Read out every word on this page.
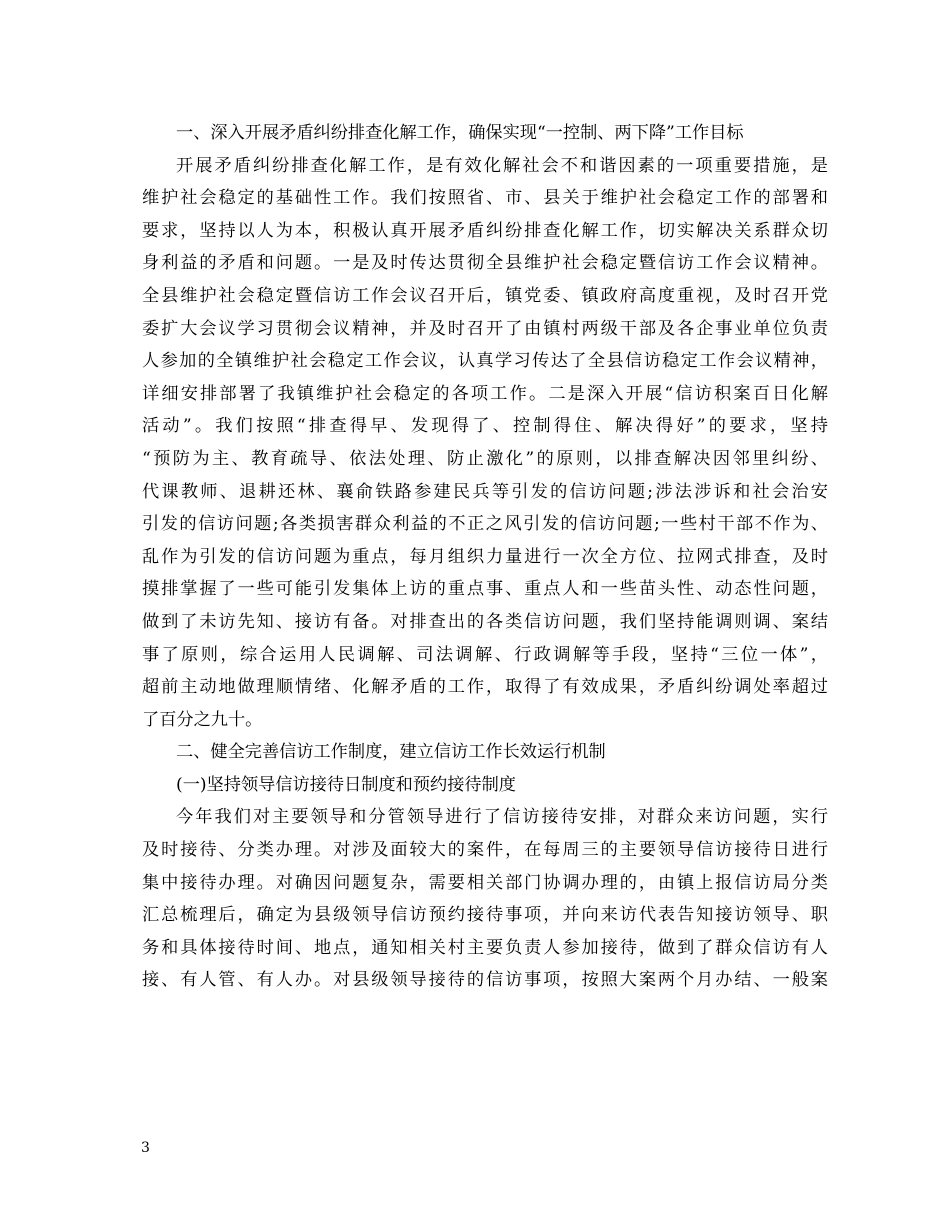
一、深入开展矛盾纠纷排查化解工作，确保实现“一控制、两下降”工作目标
开展矛盾纠纷排查化解工作，是有效化解社会不和谐因素的一项重要措施，是
维护社会稳定的基础性工作。我们按照省、市、县关于维护社会稳定工作的部署和
要求，坚持以人为本，积极认真开展矛盾纠纷排查化解工作，切实解决关系群众切
身利益的矛盾和问题。一是及时传达贯彻全县维护社会稳定暨信访工作会议精神。
全县维护社会稳定暨信访工作会议召开后，镇党委、镇政府高度重视，及时召开党
委扩大会议学习贯彻会议精神，并及时召开了由镇村两级干部及各企事业单位负责
人参加的全镇维护社会稳定工作会议，认真学习传达了全县信访稳定工作会议精神，
详细安排部署了我镇维护社会稳定的各项工作。二是深入开展“信访积案百日化解
活动”。我们按照“排查得早、发现得了、控制得住、解决得好”的要求，坚持
“预防为主、教育疏导、依法处理、防止激化”的原则，以排查解决因邻里纠纷、
代课教师、退耕还林、襄俞铁路参建民兵等引发的信访问题;涉法涉诉和社会治安
引发的信访问题;各类损害群众利益的不正之风引发的信访问题;一些村干部不作为、
乱作为引发的信访问题为重点，每月组织力量进行一次全方位、拉网式排查，及时
摸排掌握了一些可能引发集体上访的重点事、重点人和一些苗头性、动态性问题，
做到了未访先知、接访有备。对排查出的各类信访问题，我们坚持能调则调、案结
事了原则，综合运用人民调解、司法调解、行政调解等手段，坚持“三位一体”，
超前主动地做理顺情绪、化解矛盾的工作，取得了有效成果，矛盾纠纷调处率超过
了百分之九十。
二、健全完善信访工作制度，建立信访工作长效运行机制
(一)坚持领导信访接待日制度和预约接待制度
今年我们对主要领导和分管领导进行了信访接待安排，对群众来访问题，实行
及时接待、分类办理。对涉及面较大的案件，在每周三的主要领导信访接待日进行
集中接待办理。对确因问题复杂，需要相关部门协调办理的，由镇上报信访局分类
汇总梳理后，确定为县级领导信访预约接待事项，并向来访代表告知接访领导、职
务和具体接待时间、地点，通知相关村主要负责人参加接待，做到了群众信访有人
接、有人管、有人办。对县级领导接待的信访事项，按照大案两个月办结、一般案
3
